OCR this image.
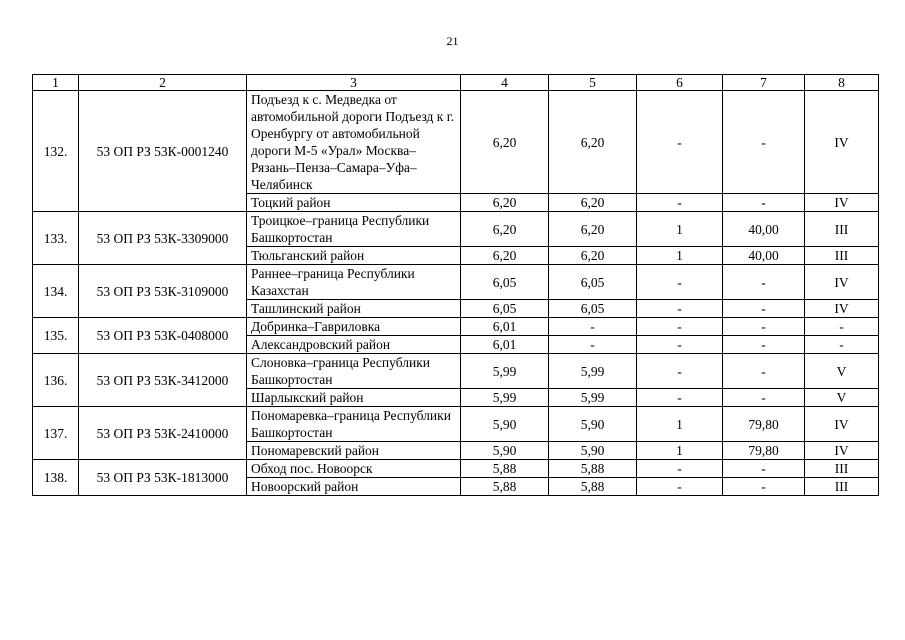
21
1	2	3	4	5	6	7	8
132.	53 ОП РЗ 53К-0001240	Подъезд к с. Медведка от автомобильной дороги Подъезд к г. Оренбургу от автомобильной дороги М-5 «Урал» Москва–Рязань–Пенза–Самара–Уфа–Челябинск	6,20	6,20	-	-	IV
		Тоцкий район	6,20	6,20	-	-	IV
133.	53 ОП РЗ 53К-3309000	Троицкое–граница Республики Башкортостан	6,20	6,20	1	40,00	III
		Тюльганский район	6,20	6,20	1	40,00	III
134.	53 ОП РЗ 53К-3109000	Раннее–граница Республики Казахстан	6,05	6,05	-	-	IV
		Ташлинский район	6,05	6,05	-	-	IV
135.	53 ОП РЗ 53К-0408000	Добринка–Гавриловка	6,01	-	-	-	-
		Александровский район	6,01	-	-	-	-
136.	53 ОП РЗ 53К-3412000	Слоновка–граница Республики Башкортостан	5,99	5,99	-	-	V
		Шарлыкский район	5,99	5,99	-	-	V
137.	53 ОП РЗ 53К-2410000	Пономаревка–граница Республики Башкортостан	5,90	5,90	1	79,80	IV
		Пономаревский район	5,90	5,90	1	79,80	IV
138.	53 ОП РЗ 53К-1813000	Обход пос. Новоорск	5,88	5,88	-	-	III
		Новоорский район	5,88	5,88	-	-	III
